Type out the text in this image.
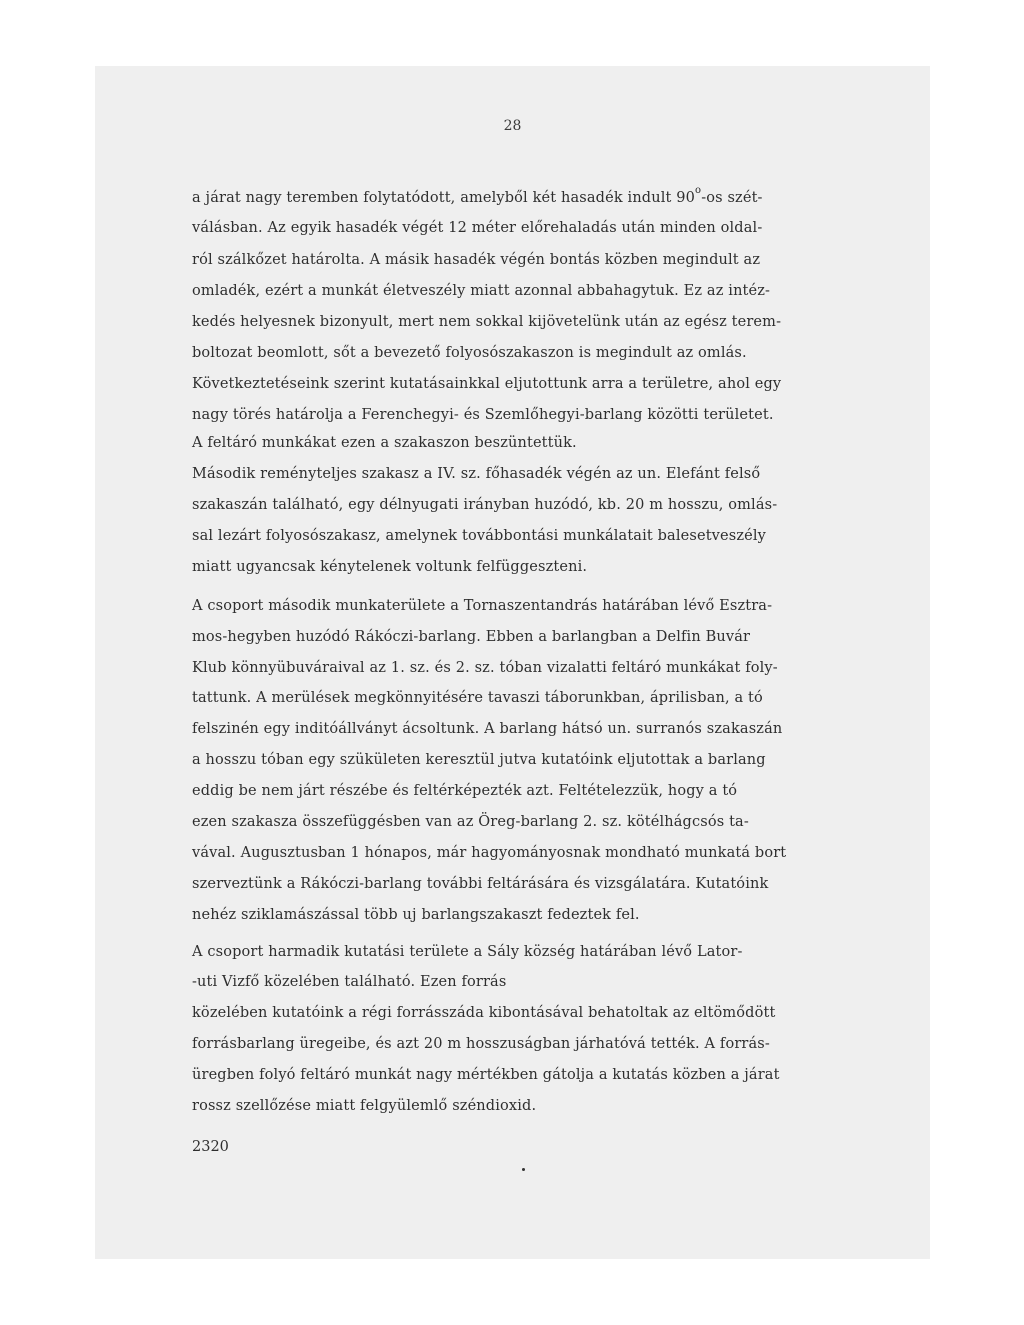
28
a járat nagy teremben folytatódott, amelyből két hasadék indult 90$^o$-os szét-
válásban. Az egyik hasadék végét 12 méter előrehaladás után minden oldal-
ról szálkőzet határolta. A másik hasadék végén bontás közben megindult az
omladék, ezért a munkát életveszély miatt azonnal abbahagytuk. Ez az intéz-
kedés helyesnek bizonyult, mert nem sokkal kijövetelünk után az egész terem-
boltozat beomlott, sőt a bevezető folyosószakaszon is megindult az omlás.
Következtetéseink szerint kutatásainkkal eljutottunk arra a területre, ahol egy
nagy törés határolja a Ferenchegyi- és Szemlőhegyi-barlang közötti területet.
A feltáró munkákat ezen a szakaszon beszüntettük.
Második reményteljes szakasz a IV. sz. főhasadék végén az un. Elefánt felső
szakaszán található, egy délnyugati irányban huzódó, kb. 20 m hosszu, omlás-
sal lezárt folyosószakasz, amelynek továbbontási munkálatait balesetveszély
miatt ugyancsak kénytelenek voltunk felfüggeszteni.
A csoport második munkaterülete a Tornaszentandrás határában lévő Esztra-
mos-hegyben huzódó Rákóczi-barlang. Ebben a barlangban a Delfin Buvár
Klub könnyübuváraival az 1. sz. és 2. sz. tóban vizalatti feltáró munkákat foly-
tattunk. A merülések megkönnyitésére tavaszi táborunkban, áprilisban, a tó
felszinén egy inditóállványt ácsoltunk. A barlang hátsó un. surranós szakaszán
a hosszu tóban egy szükületen keresztül jutva kutatóink eljutottak a barlang
eddig be nem járt részébe és feltérképezték azt. Feltételezzük, hogy a tó
ezen szakasza összefüggésben van az Öreg-barlang 2. sz. kötélhágcsós ta-
vával. Augusztusban 1 hónapos, már hagyományosnak mondható munkatá bort
szerveztünk a Rákóczi-barlang további feltárására és vizsgálatára. Kutatóink
nehéz sziklamászással több uj barlangszakaszt fedeztek fel.
A csoport harmadik kutatási területe a Sály község határában lévő Lator-
-uti Vizfő közelében található. Ezen forrás
közelében kutatóink a régi forrásszáda kibontásával behatoltak az eltömődött
forrásbarlang üregeibe, és azt 20 m hosszuságban járhatóvá tették. A forrás-
üregben folyó feltáró munkát nagy mértékben gátolja a kutatás közben a járat
rossz szellőzése miatt felgyülemlő széndioxid.
2320
